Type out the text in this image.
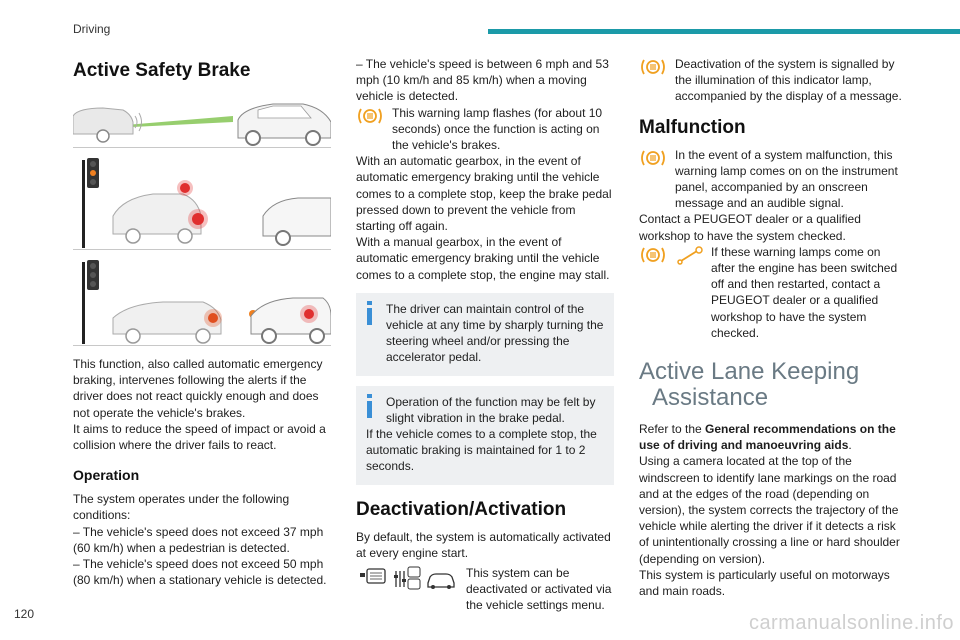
Driving
Active Safety Brake

This function, also called automatic emergency braking, intervenes following the alerts if the driver does not react quickly enough and does not operate the vehicle's brakes.

It aims to reduce the speed of impact or avoid a collision where the driver fails to react.

Operation

The system operates under the following conditions:

– The vehicle's speed does not exceed 37 mph (60 km/h) when a pedestrian is detected.

– The vehicle's speed does not exceed 50 mph (80 km/h) when a stationary vehicle is detected.

– The vehicle's speed is between 6 mph and 53 mph (10 km/h and 85 km/h) when a moving vehicle is detected.

This warning lamp flashes (for about 10 seconds) once the function is acting on the vehicle's brakes.

With an automatic gearbox, in the event of automatic emergency braking until the vehicle comes to a complete stop, keep the brake pedal pressed down to prevent the vehicle from starting off again.

With a manual gearbox, in the event of automatic emergency braking until the vehicle comes to a complete stop, the engine may stall.

The driver can maintain control of the vehicle at any time by sharply turning the steering wheel and/or pressing the accelerator pedal.

Operation of the function may be felt by slight vibration in the brake pedal.

If the vehicle comes to a complete stop, the automatic braking is maintained for 1 to 2 seconds.

Deactivation/Activation

By default, the system is automatically activated at every engine start.

This system can be deactivated or activated via the vehicle settings menu.

Deactivation of the system is signalled by the illumination of this indicator lamp, accompanied by the display of a message.

Malfunction

In the event of a system malfunction, this warning lamp comes on on the instrument panel, accompanied by an onscreen message and an audible signal.

Contact a PEUGEOT dealer or a qualified workshop to have the system checked.

If these warning lamps come on after the engine has been switched off and then restarted, contact a PEUGEOT dealer or a qualified workshop to have the system checked.

Active Lane Keeping
Assistance

Refer to the General recommendations on the use of driving and manoeuvring aids.

Using a camera located at the top of the windscreen to identify lane markings on the road and at the edges of the road (depending on version), the system corrects the trajectory of the vehicle while alerting the driver if it detects a risk of unintentionally crossing a line or hard shoulder (depending on version).

This system is particularly useful on motorways and main roads.

120	carmanualsonline.info
